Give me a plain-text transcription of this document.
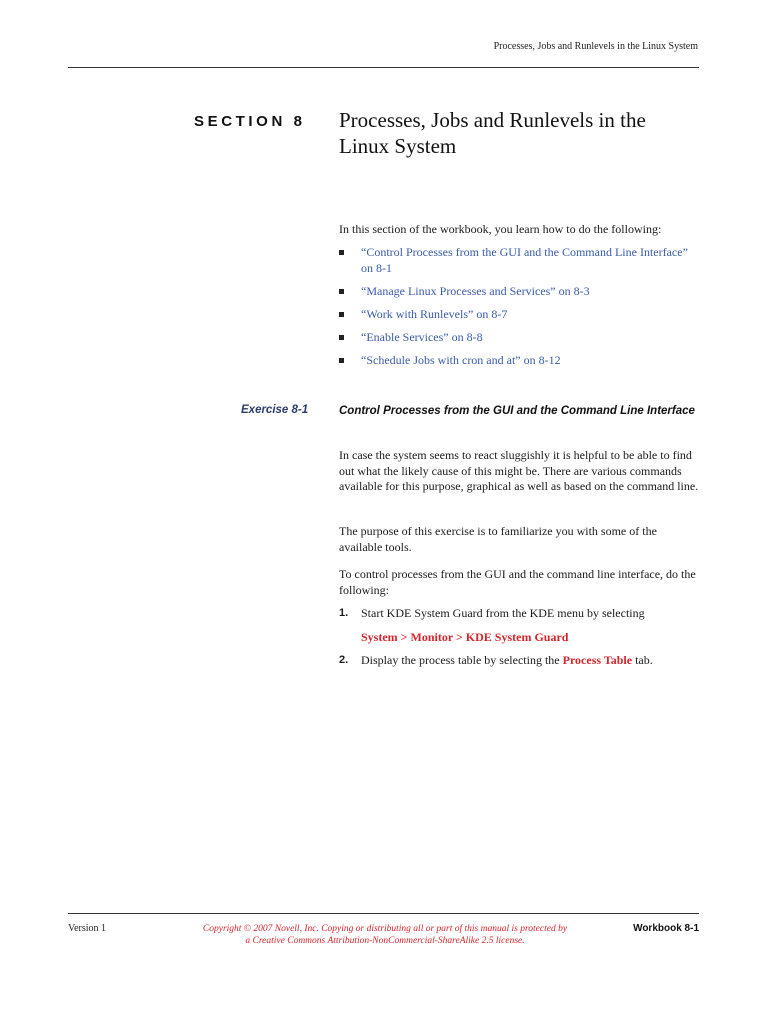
Processes, Jobs and Runlevels in the Linux System
SECTION 8 Processes, Jobs and Runlevels in the Linux System
In this section of the workbook, you learn how to do the following:
“Control Processes from the GUI and the Command Line Interface” on 8-1
“Manage Linux Processes and Services” on 8-3
“Work with Runlevels” on 8-7
“Enable Services” on 8-8
“Schedule Jobs with cron and at” on 8-12
Exercise 8-1	Control Processes from the GUI and the Command Line Interface
In case the system seems to react sluggishly it is helpful to be able to find out what the likely cause of this might be. There are various commands available for this purpose, graphical as well as based on the command line.
The purpose of this exercise is to familiarize you with some of the available tools.
To control processes from the GUI and the command line interface, do the following:
1. Start KDE System Guard from the KDE menu by selecting
System > Monitor > KDE System Guard
2. Display the process table by selecting the Process Table tab.
Version 1	Copyright © 2007 Novell, Inc. Copying or distributing all or part of this manual is protected by
a Creative Commons Attribution-NonCommercial-ShareAlike 2.5 license.
Workbook 8-1
